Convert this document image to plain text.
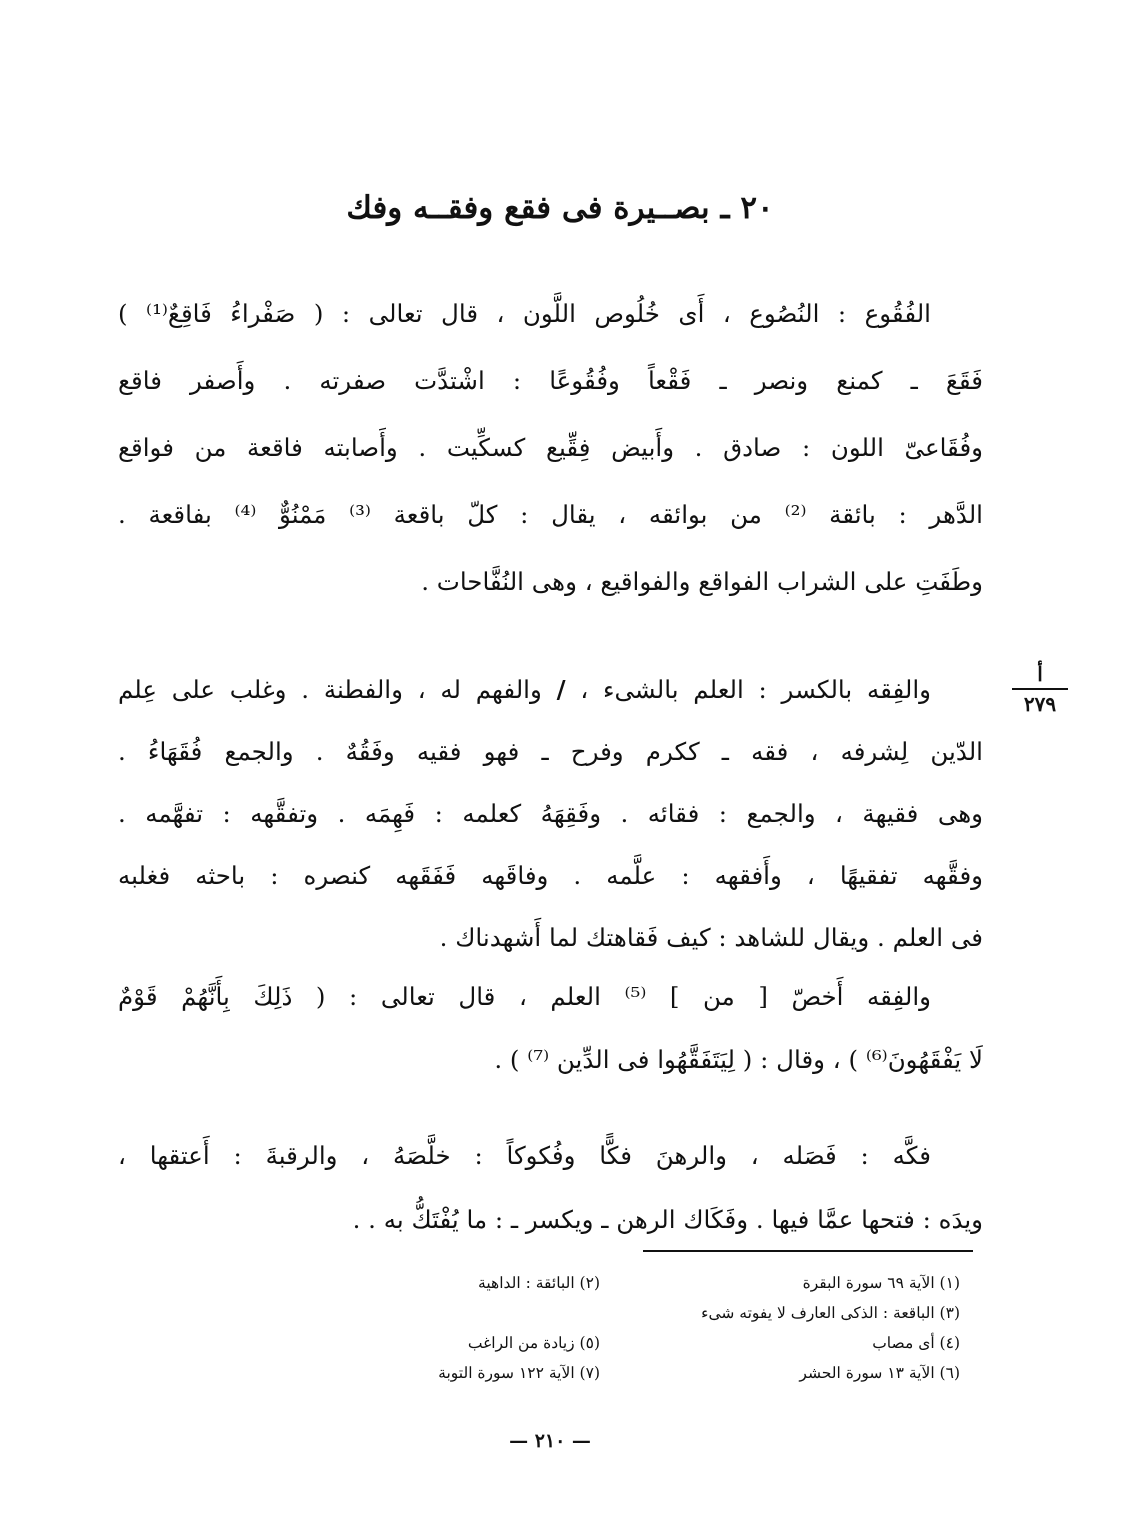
٢٠ ـ بصــيرة فى فقع وفقــه وفك
الفُقُوع : النُصُوع ، أَى خُلُوص اللَّون ، قال تعالى : ( صَفْراءُ فَاقِعٌ⁽¹⁾ )
فَقَعَ ـ كمنع ونصر ـ فَقْعاً وفُقُوعًا : اشْتدَّت صفرته . وأَصفر فاقع
وفُقَاعىّ اللون : صادق . وأَبيض فِقِّيع كسكِّيت . وأَصابته فاقعة من فواقع
الدَّهر : بائقة ⁽²⁾ من بوائقه ، يقال : كلّ باقعة ⁽³⁾ مَمْنُوٌّ ⁽⁴⁾ بفاقعة .
وطَفَتِ على الشراب الفواقع والفواقيع ، وهى النُفَّاحات .
أ
٢٧٩
والفِقه بالكسر : العلم بالشىء ، / والفهم له ، والفطنة . وغلب على عِلم
الدّين لِشرفه ، فقه ـ ككرم وفرح ـ فهو فقيه وفَقُهٌ . والجمع فُقَهَاءُ .
وهى فقيهة ، والجمع : فقائه . وفَقِهَهُ كعلمه : فَهِمَه . وتفقَّهه : تفهَّمه .
وفقَّهه تفقيهًا ، وأَفقهه : علَّمه . وفاقَهه فَفَقَهه كنصره : باحثه فغلبه
فى العلم . ويقال للشاهد : كيف فَقاهتك لما أَشهدناك .
والفِقه أَخصّ [ من ] ⁽⁵⁾ العلم ، قال تعالى : ( ذَلِكَ بِأَنَّهُمْ قَوْمٌ
لَا يَفْقَهُونَ⁽⁶⁾ ) ، وقال : ( لِيَتَفَقَّهُوا فى الدِّين ⁽⁷⁾ ) .
فكَّه : فَصَله ، والرهنَ فكًّا وفُكوكاً : خلَّصَهُ ، والرقبةَ : أَعتقها ،
ويدَه : فتحها عمَّا فيها . وفَكَاك الرهن ـ ويكسر ـ : ما يُفْتَكُّ به . .
(١) الآية ٦٩ سورة البقرة
(٢) البائقة : الداهية
(٣) الباقعة : الذكى العارف لا يفوته شىء
(٤) أى مصاب
(٥) زيادة من الراغب
(٦) الآية ١٣ سورة الحشر
(٧) الآية ١٢٢ سورة التوبة
— ٢١٠ —
